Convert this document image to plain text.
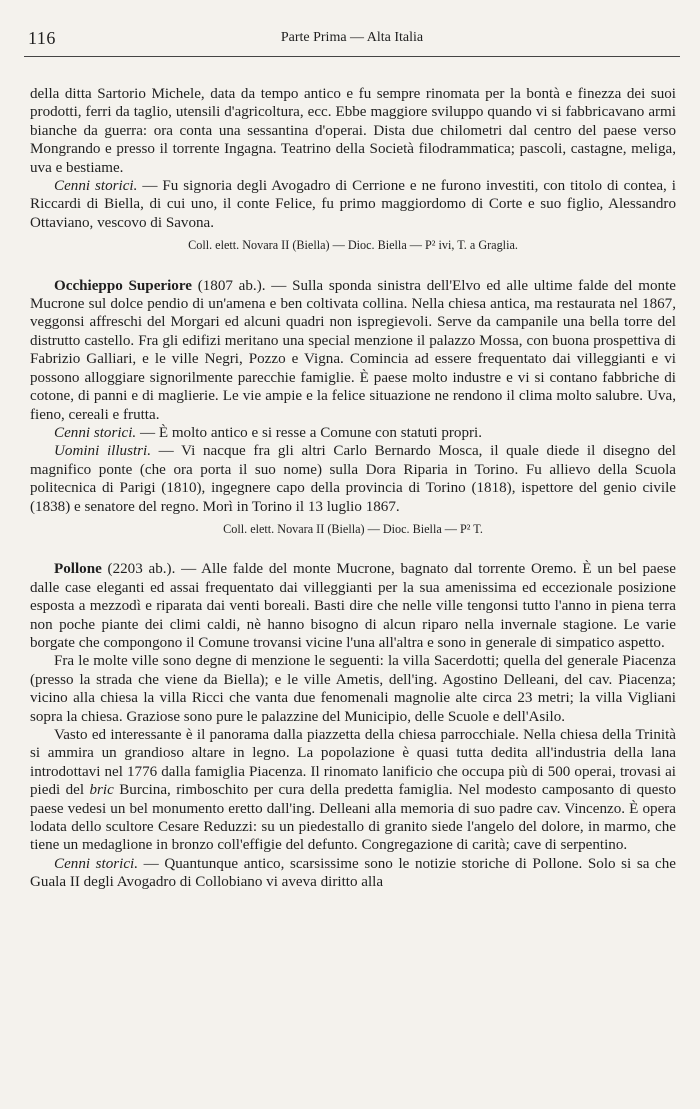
116	Parte Prima — Alta Italia

della ditta Sartorio Michele, data da tempo antico e fu sempre rinomata per la bontà e finezza dei suoi prodotti, ferri da taglio, utensili d'agricoltura, ecc. Ebbe maggiore sviluppo quando vi si fabbricavano armi bianche da guerra: ora conta una sessantina d'operai. Dista due chilometri dal centro del paese verso Mongrando e presso il torrente Ingagna. Teatrino della Società filodrammatica; pascoli, castagne, meliga, uva e bestiame.

Cenni storici. — Fu signoria degli Avogadro di Cerrione e ne furono investiti, con titolo di contea, i Riccardi di Biella, di cui uno, il conte Felice, fu primo maggiordomo di Corte e suo figlio, Alessandro Ottaviano, vescovo di Savona.

Coll. elett. Novara II (Biella) — Dioc. Biella — P² ivi, T. a Graglia.

Occhieppo Superiore (1807 ab.). — Sulla sponda sinistra dell'Elvo ed alle ultime falde del monte Mucrone sul dolce pendio di un'amena e ben coltivata collina. Nella chiesa antica, ma restaurata nel 1867, veggonsi affreschi del Morgari ed alcuni quadri non ispregievoli. Serve da campanile una bella torre del distrutto castello. Fra gli edifizi meritano una special menzione il palazzo Mossa, con buona prospettiva di Fabrizio Galliari, e le ville Negri, Pozzo e Vigna. Comincia ad essere frequentato dai villeggianti e vi possono alloggiare signorilmente parecchie famiglie. È paese molto industre e vi si contano fabbriche di cotone, di panni e di maglierie. Le vie ampie e la felice situazione ne rendono il clima molto salubre. Uva, fieno, cereali e frutta.

Cenni storici. — È molto antico e si resse a Comune con statuti propri.

Uomini illustri. — Vi nacque fra gli altri Carlo Bernardo Mosca, il quale diede il disegno del magnifico ponte (che ora porta il suo nome) sulla Dora Riparia in Torino. Fu allievo della Scuola politecnica di Parigi (1810), ingegnere capo della provincia di Torino (1818), ispettore del genio civile (1838) e senatore del regno. Morì in Torino il 13 luglio 1867.

Coll. elett. Novara II (Biella) — Dioc. Biella — P² T.

Pollone (2203 ab.). — Alle falde del monte Mucrone, bagnato dal torrente Oremo. È un bel paese dalle case eleganti ed assai frequentato dai villeggianti per la sua amenissima ed eccezionale posizione esposta a mezzodì e riparata dai venti boreali. Basti dire che nelle ville tengonsi tutto l'anno in piena terra non poche piante dei climi caldi, nè hanno bisogno di alcun riparo nella invernale stagione. Le varie borgate che compongono il Comune trovansi vicine l'una all'altra e sono in generale di simpatico aspetto.

Fra le molte ville sono degne di menzione le seguenti: la villa Sacerdotti; quella del generale Piacenza (presso la strada che viene da Biella); e le ville Ametis, dell'ing. Agostino Delleani, del cav. Piacenza; vicino alla chiesa la villa Ricci che vanta due fenomenali magnolie alte circa 23 metri; la villa Vigliani sopra la chiesa. Graziose sono pure le palazzine del Municipio, delle Scuole e dell'Asilo.

Vasto ed interessante è il panorama dalla piazzetta della chiesa parrocchiale. Nella chiesa della Trinità si ammira un grandioso altare in legno. La popolazione è quasi tutta dedita all'industria della lana introdottavi nel 1776 dalla famiglia Piacenza. Il rinomato lanificio che occupa più di 500 operai, trovasi ai piedi del bric Burcina, rimboschito per cura della predetta famiglia. Nel modesto camposanto di questo paese vedesi un bel monumento eretto dall'ing. Delleani alla memoria di suo padre cav. Vincenzo. È opera lodata dello scultore Cesare Reduzzi: su un piedestallo di granito siede l'angelo del dolore, in marmo, che tiene un medaglione in bronzo coll'effigie del defunto. Congregazione di carità; cave di serpentino.

Cenni storici. — Quantunque antico, scarsissime sono le notizie storiche di Pollone. Solo si sa che Guala II degli Avogadro di Collobiano vi aveva diritto alla
